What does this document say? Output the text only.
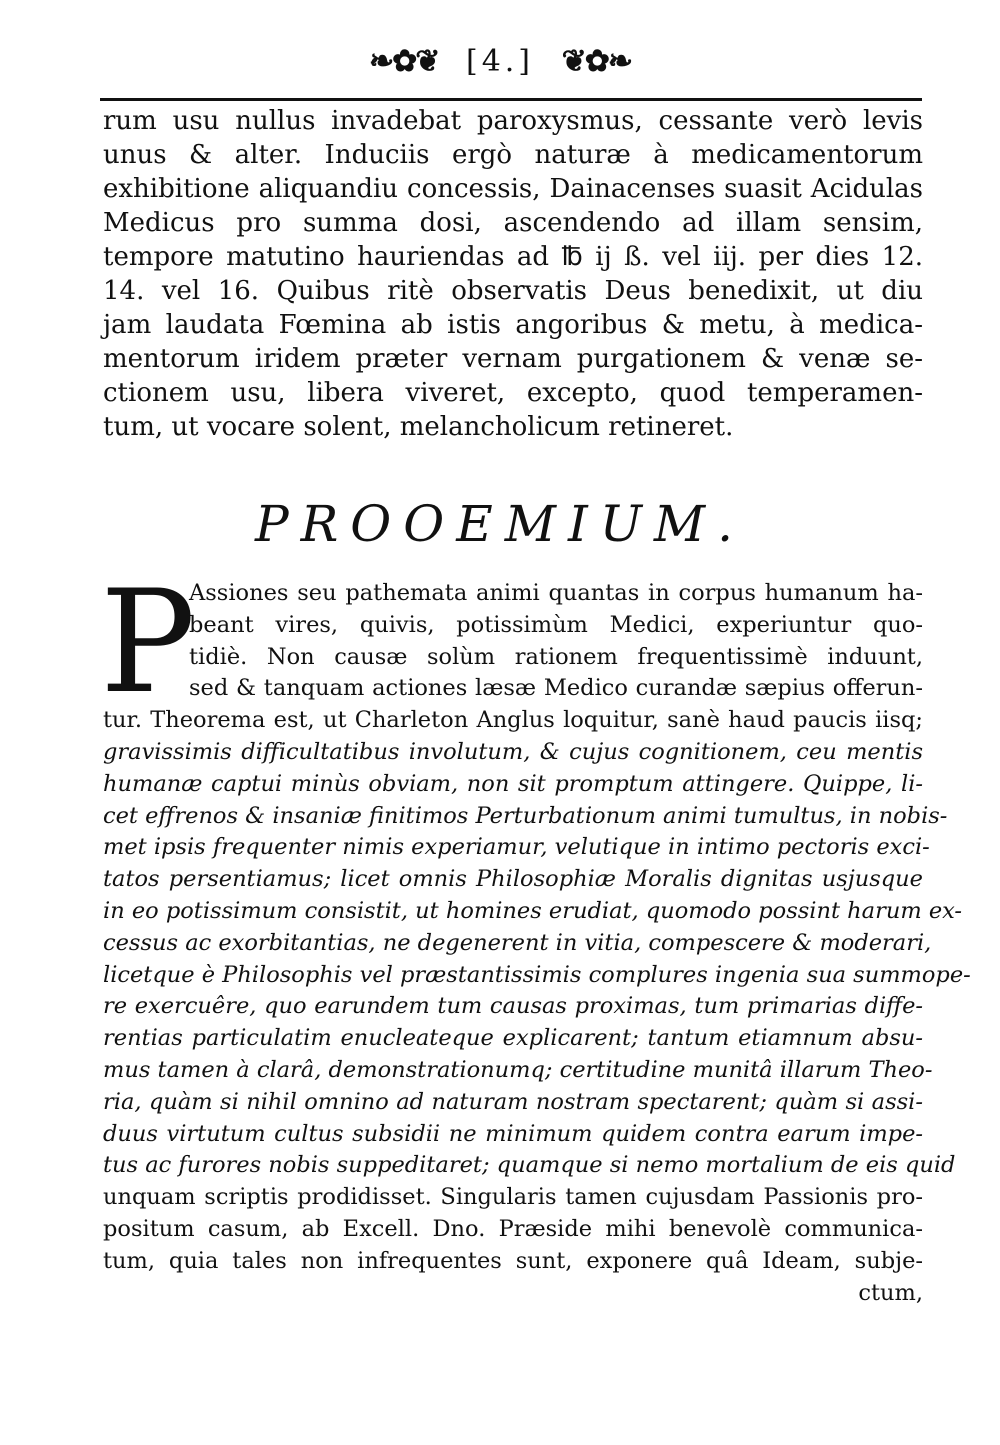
❧✿❦ [4.] ❦✿❧
rum usu nullus invadebat paroxysmus, cessante verò levis
unus & alter. Induciis ergò naturæ à medicamentorum
exhibitione aliquandiu concessis, Dainacenses suasit Acidulas
Medicus pro summa dosi, ascendendo ad illam sensim,
tempore matutino hauriendas ad ℔ ij ß. vel iij. per dies 12.
14. vel 16. Quibus ritè observatis Deus benedixit, ut diu
jam laudata Fœmina ab istis angoribus & metu, à medica-
mentorum iridem præter vernam purgationem & venæ se-
ctionem usu, libera viveret, excepto, quod temperamen-
tum, ut vocare solent, melancholicum retineret.
PROOEMIUM.
P
Assiones seu pathemata animi quantas in corpus humanum ha-
beant vires, quivis, potissimùm Medici, experiuntur quo-
tidiè. Non causæ solùm rationem frequentissimè induunt,
sed & tanquam actiones læsæ Medico curandæ sæpius offerun-
tur. Theorema est, ut Charleton Anglus loquitur, sanè haud paucis iisq;
gravissimis difficultatibus involutum, & cujus cognitionem, ceu mentis
humanæ captui minùs obviam, non sit promptum attingere. Quippe, li-
cet effrenos & insaniæ finitimos Perturbationum animi tumultus, in nobis-
met ipsis frequenter nimis experiamur, velutique in intimo pectoris exci-
tatos persentiamus; licet omnis Philosophiæ Moralis dignitas usjusque
in eo potissimum consistit, ut homines erudiat, quomodo possint harum ex-
cessus ac exorbitantias, ne degenerent in vitia, compescere & moderari,
licetque è Philosophis vel præstantissimis complures ingenia sua summope-
re exercuêre, quo earundem tum causas proximas, tum primarias diffe-
rentias particulatim enucleateque explicarent; tantum etiamnum absu-
mus tamen à clarâ, demonstrationumq; certitudine munitâ illarum Theo-
ria, quàm si nihil omnino ad naturam nostram spectarent; quàm si assi-
duus virtutum cultus subsidii ne minimum quidem contra earum impe-
tus ac furores nobis suppeditaret; quamque si nemo mortalium de eis quid
unquam scriptis prodidisset. Singularis tamen cujusdam Passionis pro-
positum casum, ab Excell. Dno. Præside mihi benevolè communica-
tum, quia tales non infrequentes sunt, exponere quâ Ideam, subje-
ctum,
